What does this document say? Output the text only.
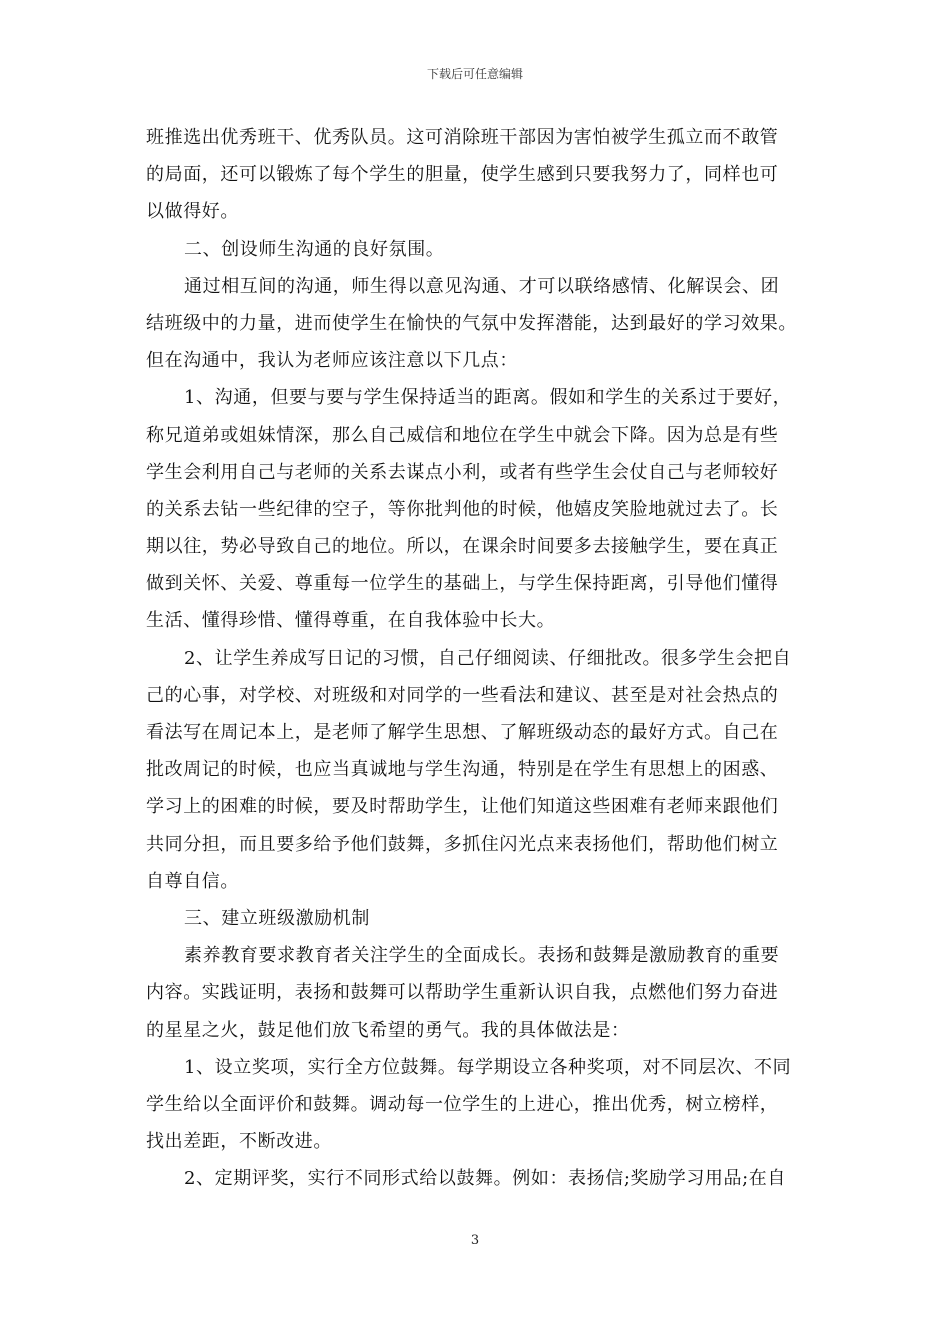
下载后可任意编辑
班推选出优秀班干、优秀队员。这可消除班干部因为害怕被学生孤立而不敢管
的局面，还可以锻炼了每个学生的胆量，使学生感到只要我努力了，同样也可
以做得好。
二、创设师生沟通的良好氛围。
通过相互间的沟通，师生得以意见沟通、才可以联络感情、化解误会、团
结班级中的力量，进而使学生在愉快的气氛中发挥潜能，达到最好的学习效果。
但在沟通中，我认为老师应该注意以下几点：
1、沟通，但要与要与学生保持适当的距离。假如和学生的关系过于要好，
称兄道弟或姐妹情深，那么自己威信和地位在学生中就会下降。因为总是有些
学生会利用自己与老师的关系去谋点小利，或者有些学生会仗自己与老师较好
的关系去钻一些纪律的空子，等你批判他的时候，他嬉皮笑脸地就过去了。长
期以往，势必导致自己的地位。所以，在课余时间要多去接触学生，要在真正
做到关怀、关爱、尊重每一位学生的基础上，与学生保持距离，引导他们懂得
生活、懂得珍惜、懂得尊重，在自我体验中长大。
2、让学生养成写日记的习惯，自己仔细阅读、仔细批改。很多学生会把自
己的心事，对学校、对班级和对同学的一些看法和建议、甚至是对社会热点的
看法写在周记本上，是老师了解学生思想、了解班级动态的最好方式。自己在
批改周记的时候，也应当真诚地与学生沟通，特别是在学生有思想上的困惑、
学习上的困难的时候，要及时帮助学生，让他们知道这些困难有老师来跟他们
共同分担，而且要多给予他们鼓舞，多抓住闪光点来表扬他们，帮助他们树立
自尊自信。
三、建立班级激励机制
素养教育要求教育者关注学生的全面成长。表扬和鼓舞是激励教育的重要
内容。实践证明，表扬和鼓舞可以帮助学生重新认识自我，点燃他们努力奋进
的星星之火，鼓足他们放飞希望的勇气。我的具体做法是：
1、设立奖项，实行全方位鼓舞。每学期设立各种奖项，对不同层次、不同
学生给以全面评价和鼓舞。调动每一位学生的上进心，推出优秀，树立榜样，
找出差距，不断改进。
2、定期评奖，实行不同形式给以鼓舞。例如：表扬信;奖励学习用品;在自
3
